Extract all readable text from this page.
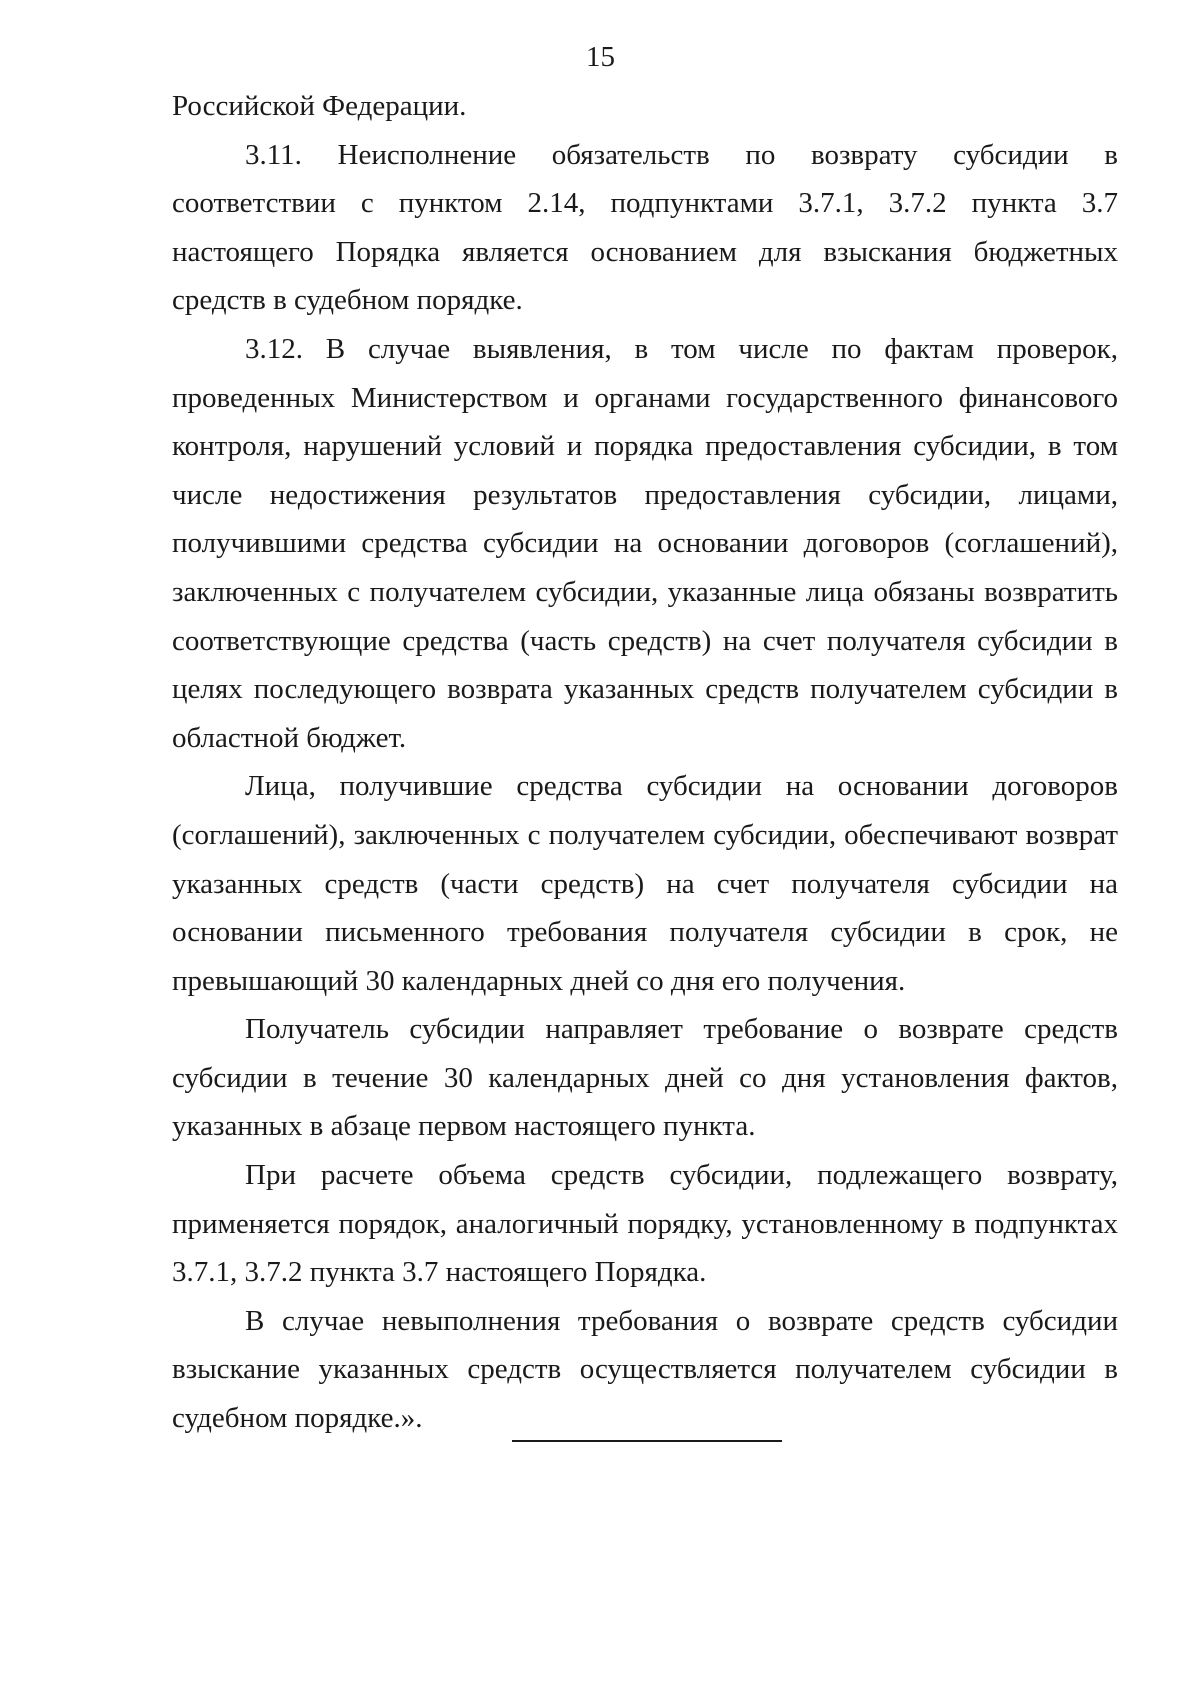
15

Российской Федерации.

3.11. Неисполнение обязательств по возврату субсидии в соответствии с пунктом 2.14, подпунктами 3.7.1, 3.7.2 пункта 3.7 настоящего Порядка является основанием для взыскания бюджетных средств в судебном порядке.

3.12. В случае выявления, в том числе по фактам проверок, проведенных Министерством и органами государственного финансового контроля, нарушений условий и порядка предоставления субсидии, в том числе недостижения результатов предоставления субсидии, лицами, получившими средства субсидии на основании договоров (соглашений), заключенных с получателем субсидии, указанные лица обязаны возвратить соответствующие средства (часть средств) на счет получателя субсидии в целях последующего возврата указанных средств получателем субсидии в областной бюджет.

Лица, получившие средства субсидии на основании договоров (соглашений), заключенных с получателем субсидии, обеспечивают возврат указанных средств (части средств) на счет получателя субсидии на основании письменного требования получателя субсидии в срок, не превышающий 30 календарных дней со дня его получения.

Получатель субсидии направляет требование о возврате средств субсидии в течение 30 календарных дней со дня установления фактов, указанных в абзаце первом настоящего пункта.

При расчете объема средств субсидии, подлежащего возврату, применяется порядок, аналогичный порядку, установленному в подпунктах 3.7.1, 3.7.2 пункта 3.7 настоящего Порядка.

В случае невыполнения требования о возврате средств субсидии взыскание указанных средств осуществляется получателем субсидии в судебном порядке.».
